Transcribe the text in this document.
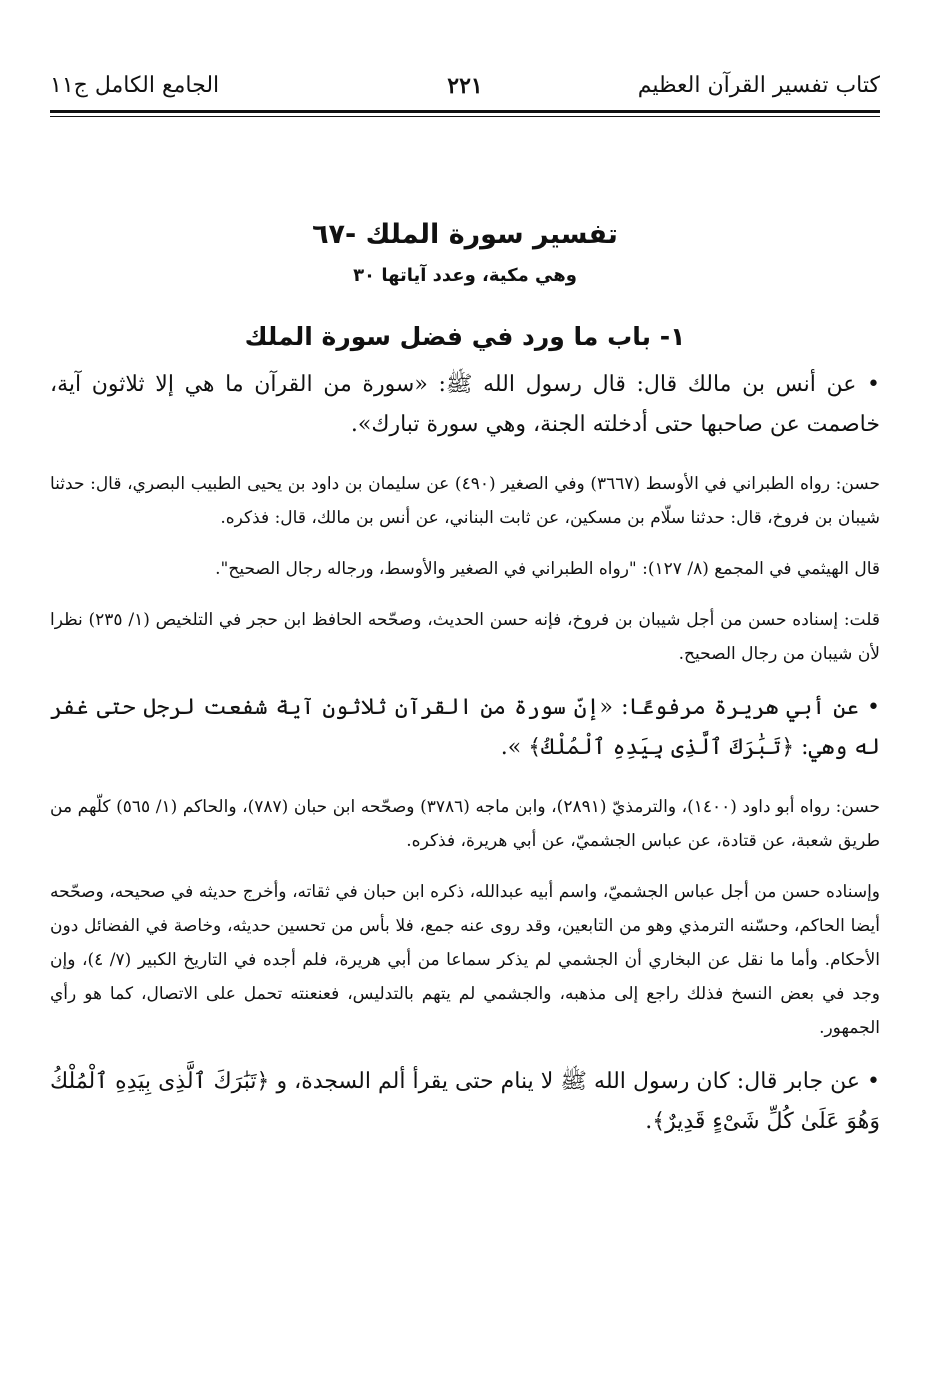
كتاب تفسير القرآن العظيم
٢٢١
الجامع الكامل ج١١
تفسير سورة الملك -٦٧
وهي مكية، وعدد آياتها ٣٠
١- باب ما ورد في فضل سورة الملك

• عن أنس بن مالك قال: قال رسول الله ﷺ: «سورة من القرآن ما هي إلا ثلاثون آية، خاصمت عن صاحبها حتى أدخلته الجنة، وهي سورة تبارك».

حسن: رواه الطبراني في الأوسط (٣٦٦٧) وفي الصغير (٤٩٠) عن سليمان بن داود بن يحيى الطبيب البصري، قال: حدثنا شيبان بن فروخ، قال: حدثنا سلّام بن مسكين، عن ثابت البناني، عن أنس بن مالك، قال: فذكره.

قال الهيثمي في المجمع (٨/ ١٢٧): "رواه الطبراني في الصغير والأوسط، ورجاله رجال الصحيح".

قلت: إسناده حسن من أجل شيبان بن فروخ، فإنه حسن الحديث، وصحّحه الحافظ ابن حجر في التلخيص (١/ ٢٣٥) نظرا لأن شيبان من رجال الصحيح.

• عن أبي هريرة مرفوعًا: «إنّ سورة من القرآن ثلاثون آية شفعت لرجل حتى غفر له وهي: ﴿تَبَٰرَكَ ٱلَّذِى بِيَدِهِ ٱلْمُلْكُ﴾ ».

حسن: رواه أبو داود (١٤٠٠)، والترمذيّ (٢٨٩١)، وابن ماجه (٣٧٨٦) وصحّحه ابن حبان (٧٨٧)، والحاكم (١/ ٥٦٥) كلّهم من طريق شعبة، عن قتادة، عن عباس الجشميّ، عن أبي هريرة، فذكره.

وإسناده حسن من أجل عباس الجشميّ، واسم أبيه عبدالله، ذكره ابن حبان في ثقاته، وأخرج حديثه في صحيحه، وصحّحه أيضا الحاكم، وحسّنه الترمذي وهو من التابعين، وقد روى عنه جمع، فلا بأس من تحسين حديثه، وخاصة في الفضائل دون الأحكام. وأما ما نقل عن البخاري أن الجشمي لم يذكر سماعا من أبي هريرة، فلم أجده في التاريخ الكبير (٧/ ٤)، وإن وجد في بعض النسخ فذلك راجع إلى مذهبه، والجشمي لم يتهم بالتدليس، فعنعنته تحمل على الاتصال، كما هو رأي الجمهور.

• عن جابر قال: كان رسول الله ﷺ لا ينام حتى يقرأ ألم السجدة، و ﴿تَبَٰرَكَ ٱلَّذِى بِيَدِهِ ٱلْمُلْكُ وَهُوَ عَلَىٰ كُلِّ شَىْءٍ قَدِيرٌ﴾.
